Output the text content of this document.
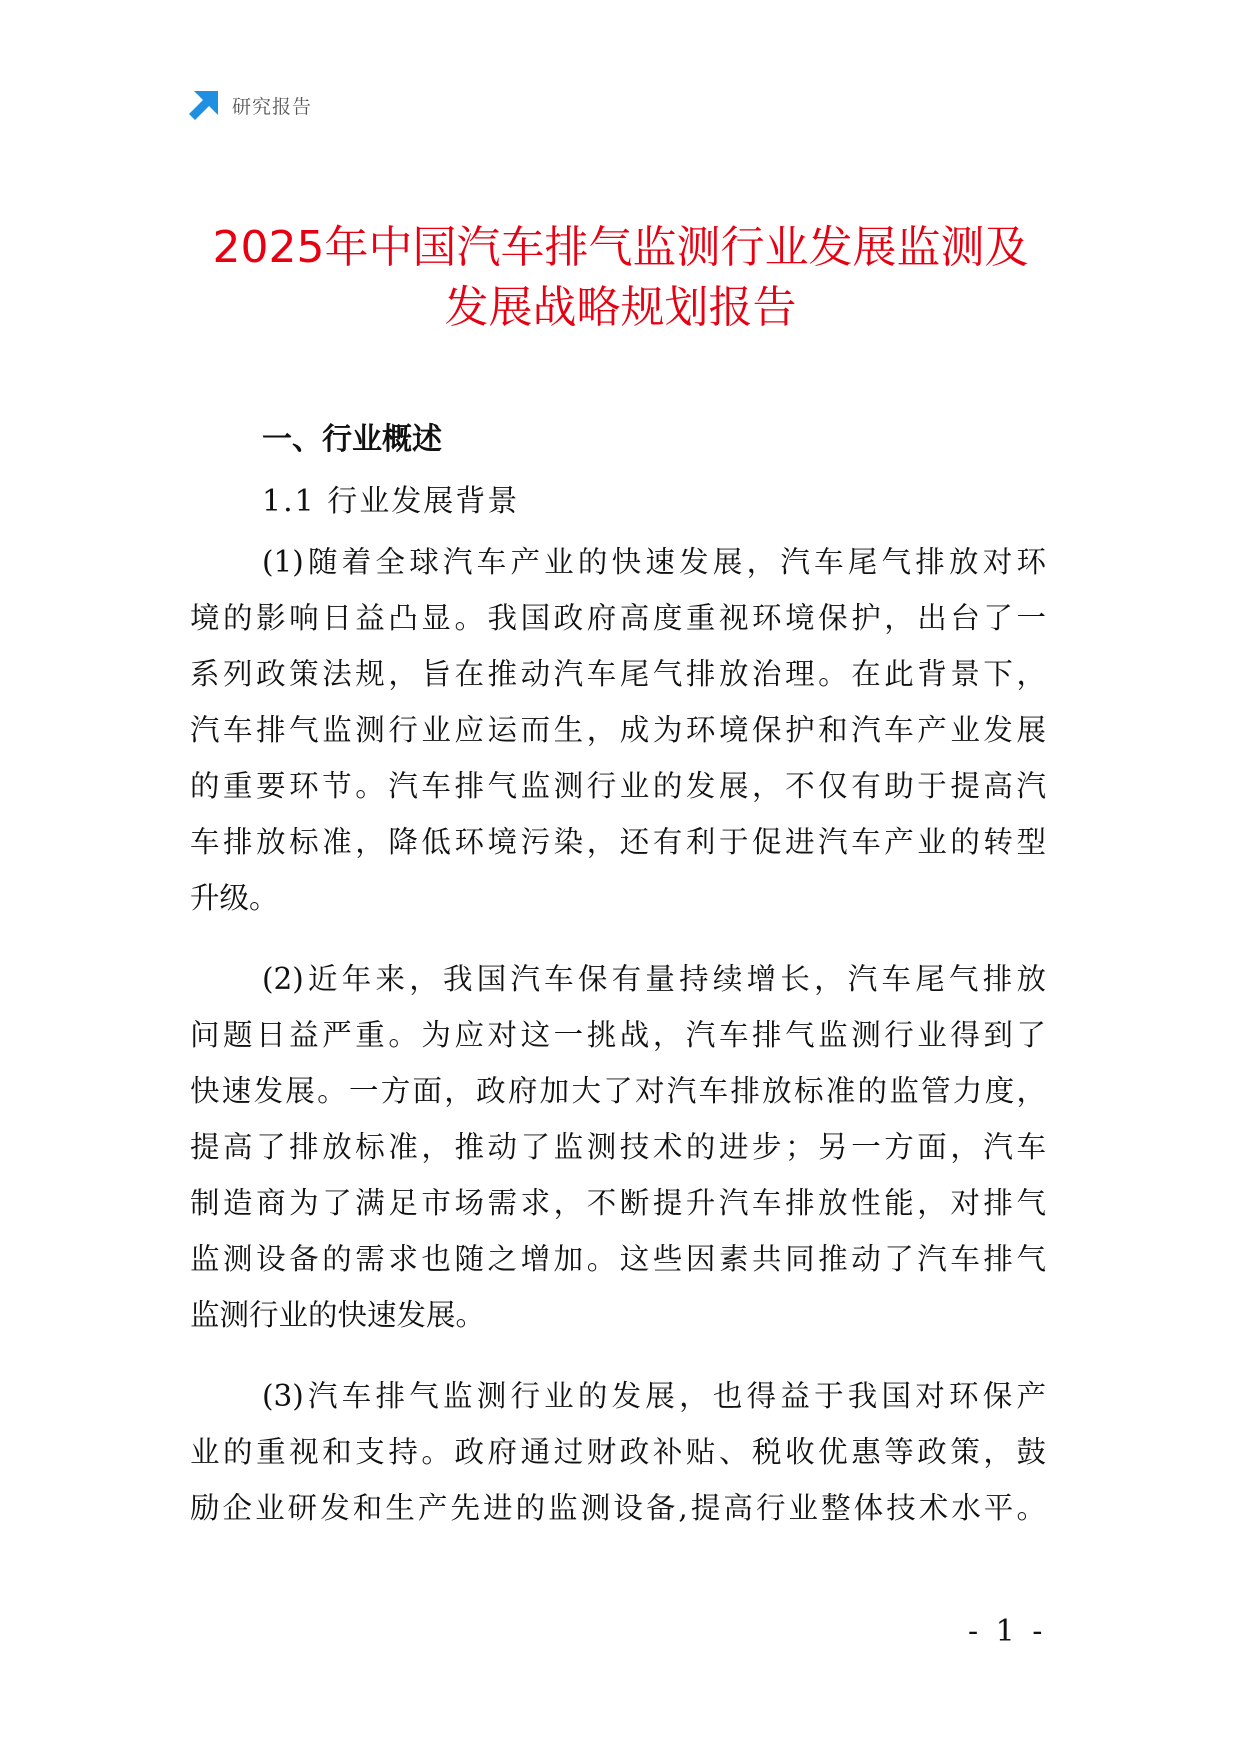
研究报告
2025年中国汽车排气监测行业发展监测及
发展战略规划报告
一、行业概述
1.1 行业发展背景

(1)随着全球汽车产业的快速发展，汽车尾气排放对环

境的影响日益凸显。我国政府高度重视环境保护，出台了一

系列政策法规，旨在推动汽车尾气排放治理。在此背景下，

汽车排气监测行业应运而生，成为环境保护和汽车产业发展

的重要环节。汽车排气监测行业的发展，不仅有助于提高汽

车排放标准，降低环境污染，还有利于促进汽车产业的转型

升级。

(2)近年来，我国汽车保有量持续增长，汽车尾气排放

问题日益严重。为应对这一挑战，汽车排气监测行业得到了

快速发展。一方面，政府加大了对汽车排放标准的监管力度，

提高了排放标准，推动了监测技术的进步；另一方面，汽车

制造商为了满足市场需求，不断提升汽车排放性能，对排气

监测设备的需求也随之增加。这些因素共同推动了汽车排气

监测行业的快速发展。

(3)汽车排气监测行业的发展，也得益于我国对环保产

业的重视和支持。政府通过财政补贴、税收优惠等政策，鼓

励企业研发和生产先进的监测设备,提高行业整体技术水平。

- 1 -
